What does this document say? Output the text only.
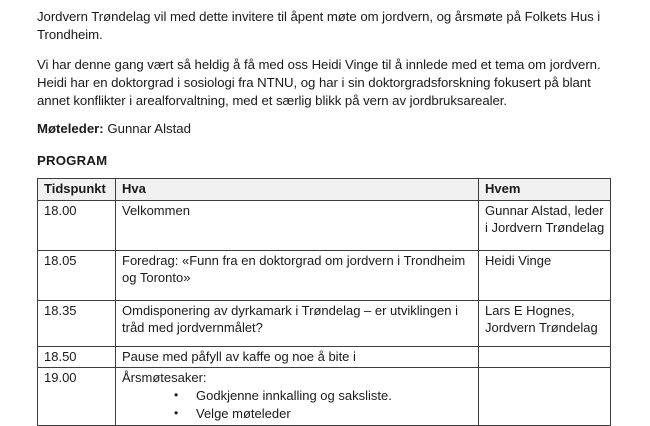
Jordvern Trøndelag vil med dette invitere til åpent møte om jordvern, og årsmøte på Folkets Hus i Trondheim.

Vi har denne gang vært så heldig å få med oss Heidi Vinge til å innlede med et tema om jordvern. Heidi har en doktorgrad i sosiologi fra NTNU, og har i sin doktorgradsforskning fokusert på blant annet konflikter i arealforvaltning, med et særlig blikk på vern av jordbruksarealer.

Møteleder: Gunnar Alstad

PROGRAM
Tidspunkt	Hva	Hvem
18.00	Velkommen	Gunnar Alstad, leder i Jordvern Trøndelag
18.05	Foredrag: «Funn fra en doktorgrad om jordvern i Trondheim og Toronto»	Heidi Vinge
18.35	Omdisponering av dyrkamark i Trøndelag – er utviklingen i tråd med jordvernmålet?	Lars E Hognes, Jordvern Trøndelag
18.50	Pause med påfyll av kaffe og noe å bite i	
19.00	Årsmøtesaker:
• Godkjenne innkalling og saksliste.
• Velge møteleder
